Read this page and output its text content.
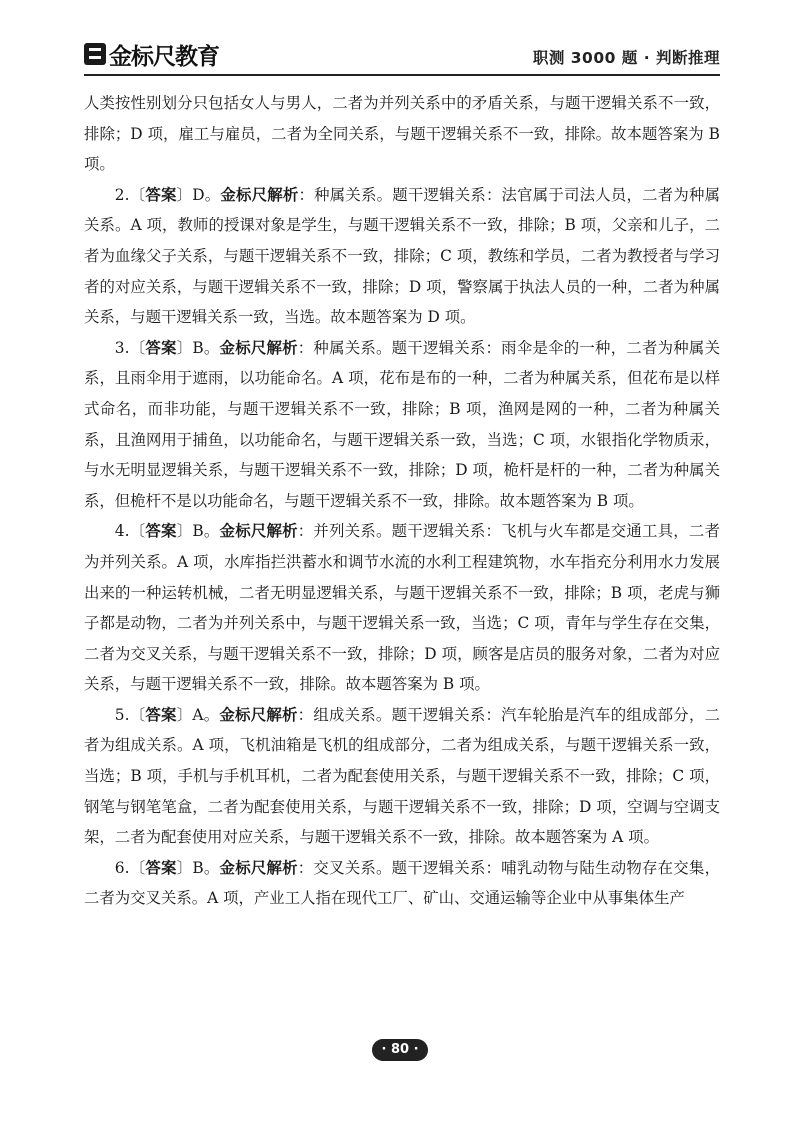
金标尺教育	职测 3000 题 · 判断推理

人类按性别划分只包括女人与男人，二者为并列关系中的矛盾关系，与题干逻辑关系不一致，排除；D 项，雇工与雇员，二者为全同关系，与题干逻辑关系不一致，排除。故本题答案为 B 项。

2.〔答案〕D。金标尺解析：种属关系。题干逻辑关系：法官属于司法人员，二者为种属关系。A 项，教师的授课对象是学生，与题干逻辑关系不一致，排除；B 项，父亲和儿子，二者为血缘父子关系，与题干逻辑关系不一致，排除；C 项，教练和学员，二者为教授者与学习者的对应关系，与题干逻辑关系不一致，排除；D 项，警察属于执法人员的一种，二者为种属关系，与题干逻辑关系一致，当选。故本题答案为 D 项。

3.〔答案〕B。金标尺解析：种属关系。题干逻辑关系：雨伞是伞的一种，二者为种属关系，且雨伞用于遮雨，以功能命名。A 项，花布是布的一种，二者为种属关系，但花布是以样式命名，而非功能，与题干逻辑关系不一致，排除；B 项，渔网是网的一种，二者为种属关系，且渔网用于捕鱼，以功能命名，与题干逻辑关系一致，当选；C 项，水银指化学物质汞，与水无明显逻辑关系，与题干逻辑关系不一致，排除；D 项，桅杆是杆的一种，二者为种属关系，但桅杆不是以功能命名，与题干逻辑关系不一致，排除。故本题答案为 B 项。

4.〔答案〕B。金标尺解析：并列关系。题干逻辑关系：飞机与火车都是交通工具，二者为并列关系。A 项，水库指拦洪蓄水和调节水流的水利工程建筑物，水车指充分利用水力发展出来的一种运转机械，二者无明显逻辑关系，与题干逻辑关系不一致，排除；B 项，老虎与狮子都是动物，二者为并列关系中，与题干逻辑关系一致，当选；C 项，青年与学生存在交集，二者为交叉关系，与题干逻辑关系不一致，排除；D 项，顾客是店员的服务对象，二者为对应关系，与题干逻辑关系不一致，排除。故本题答案为 B 项。

5.〔答案〕A。金标尺解析：组成关系。题干逻辑关系：汽车轮胎是汽车的组成部分，二者为组成关系。A 项，飞机油箱是飞机的组成部分，二者为组成关系，与题干逻辑关系一致，当选；B 项，手机与手机耳机，二者为配套使用关系，与题干逻辑关系不一致，排除；C 项，钢笔与钢笔笔盒，二者为配套使用关系，与题干逻辑关系不一致，排除；D 项，空调与空调支架，二者为配套使用对应关系，与题干逻辑关系不一致，排除。故本题答案为 A 项。

6.〔答案〕B。金标尺解析：交叉关系。题干逻辑关系：哺乳动物与陆生动物存在交集，二者为交叉关系。A 项，产业工人指在现代工厂、矿山、交通运输等企业中从事集体生产

· 80 ·
